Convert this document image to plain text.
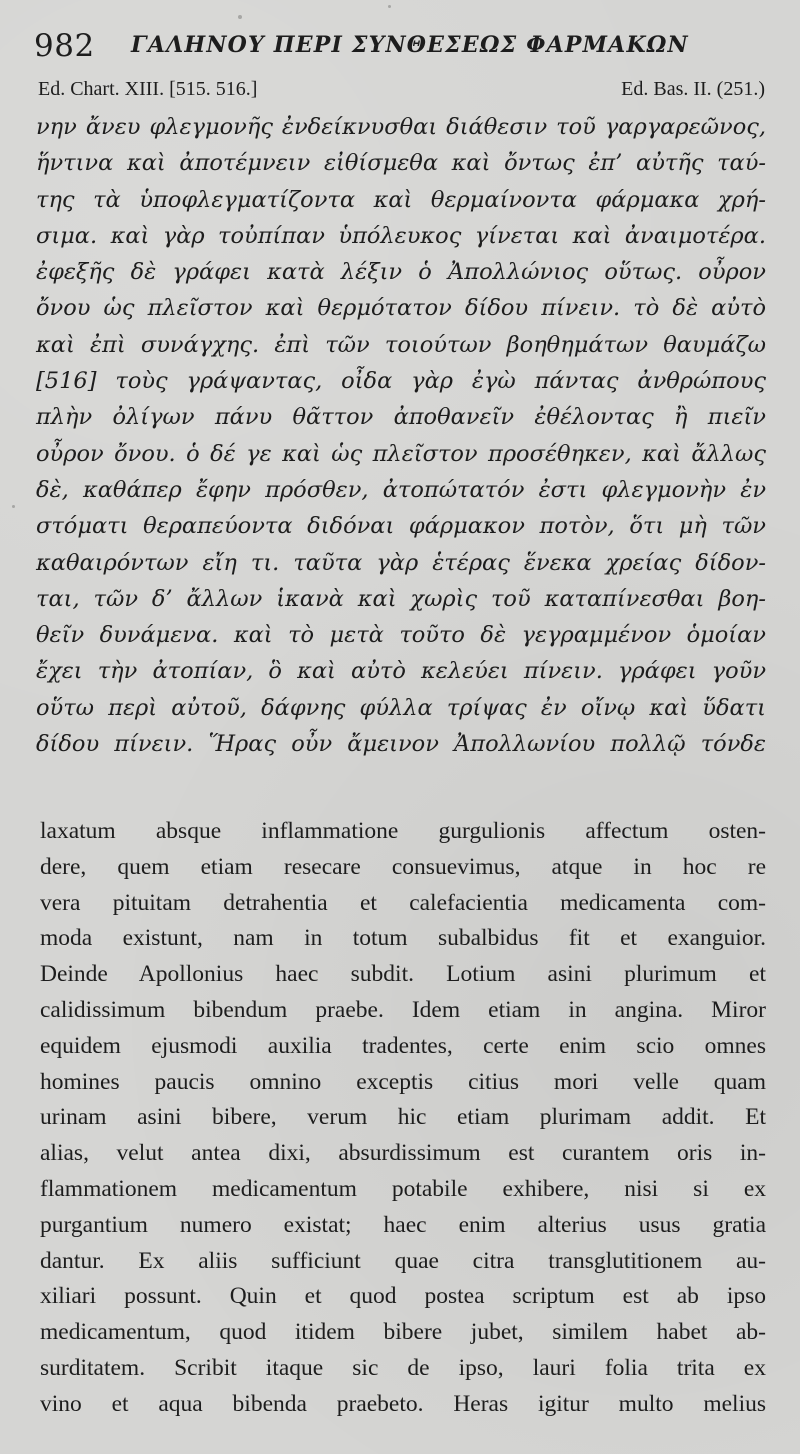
982 ΓΑΛΗΝΟΥ ΠΕΡΙ ΣΥΝΘΕΣΕΩΣ ΦΑΡΜΑΚΩΝ
Ed. Chart. XIII. [515. 516.]	Ed. Bas. II. (251.)
νην ἄνευ φλεγμονῆς ἐνδείκνυσθαι διάθεσιν τοῦ γαργαρεῶνος,
ἥντινα καὶ ἀποτέμνειν εἰθίσμεθα καὶ ὄντως ἐπ’ αὐτῆς ταύ-
της τὰ ὑποφλεγματίζοντα καὶ θερμαίνοντα φάρμακα χρή-
σιμα. καὶ γὰρ τοὐπίπαν ὑπόλευκος γίνεται καὶ ἀναιμοτέρα.
ἐφεξῆς δὲ γράφει κατὰ λέξιν ὁ Ἀπολλώνιος οὕτως. οὖρον
ὄνου ὡς πλεῖστον καὶ θερμότατον δίδου πίνειν. τὸ δὲ αὐτὸ
καὶ ἐπὶ συνάγχης. ἐπὶ τῶν τοιούτων βοηθημάτων θαυμάζω
[516] τοὺς γράψαντας, οἶδα γὰρ ἐγὼ πάντας ἀνθρώπους
πλὴν ὀλίγων πάνυ θᾶττον ἀποθανεῖν ἐθέλοντας ἢ πιεῖν
οὖρον ὄνου. ὁ δέ γε καὶ ὡς πλεῖστον προσέθηκεν, καὶ ἄλλως
δὲ, καθάπερ ἔφην πρόσθεν, ἀτοπώτατόν ἐστι φλεγμονὴν ἐν
στόματι θεραπεύοντα διδόναι φάρμακον ποτὸν, ὅτι μὴ τῶν
καθαιρόντων εἴη τι. ταῦτα γὰρ ἑτέρας ἕνεκα χρείας δίδον-
ται, τῶν δ’ ἄλλων ἱκανὰ καὶ χωρὶς τοῦ καταπίνεσθαι βοη-
θεῖν δυνάμενα. καὶ τὸ μετὰ τοῦτο δὲ γεγραμμένον ὁμοίαν
ἔχει τὴν ἀτοπίαν, ὃ καὶ αὐτὸ κελεύει πίνειν. γράφει γοῦν
οὕτω περὶ αὐτοῦ, δάφνης φύλλα τρίψας ἐν οἴνῳ καὶ ὕδατι
δίδου πίνειν. Ἥρας οὖν ἄμεινον Ἀπολλωνίου πολλῷ τόνδε
laxatum absque inflammatione gurgulionis affectum osten-
dere, quem etiam resecare consuevimus, atque in hoc re
vera pituitam detrahentia et calefacientia medicamenta com-
moda existunt, nam in totum subalbidus fit et exanguior.
Deinde Apollonius haec subdit. Lotium asini plurimum et
calidissimum bibendum praebe. Idem etiam in angina. Miror
equidem ejusmodi auxilia tradentes, certe enim scio omnes
homines paucis omnino exceptis citius mori velle quam
urinam asini bibere, verum hic etiam plurimam addit. Et
alias, velut antea dixi, absurdissimum est curantem oris in-
flammationem medicamentum potabile exhibere, nisi si ex
purgantium numero existat; haec enim alterius usus gratia
dantur. Ex aliis sufficiunt quae citra transglutitionem au-
xiliari possunt. Quin et quod postea scriptum est ab ipso
medicamentum, quod itidem bibere jubet, similem habet ab-
surditatem. Scribit itaque sic de ipso, lauri folia trita ex
vino et aqua bibenda praebeto. Heras igitur multo melius
